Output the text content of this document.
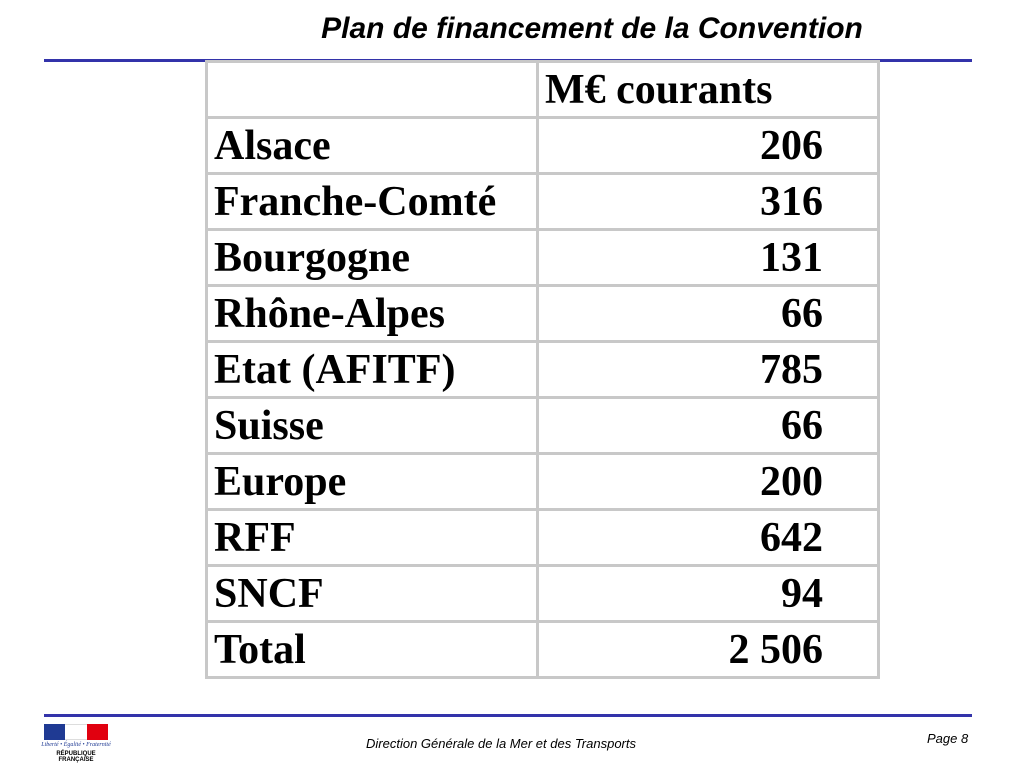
Plan de financement de la Convention
	M€ courants
Alsace	206
Franche-Comté	316
Bourgogne	131
Rhône-Alpes	66
Etat (AFITF)	785
Suisse	66
Europe	200
RFF	642
SNCF	94
Total	2 506
Liberté • Égalité • Fraternité
RÉPUBLIQUE FRANÇAISE
Direction Générale de la Mer et des Transports	Page 8
